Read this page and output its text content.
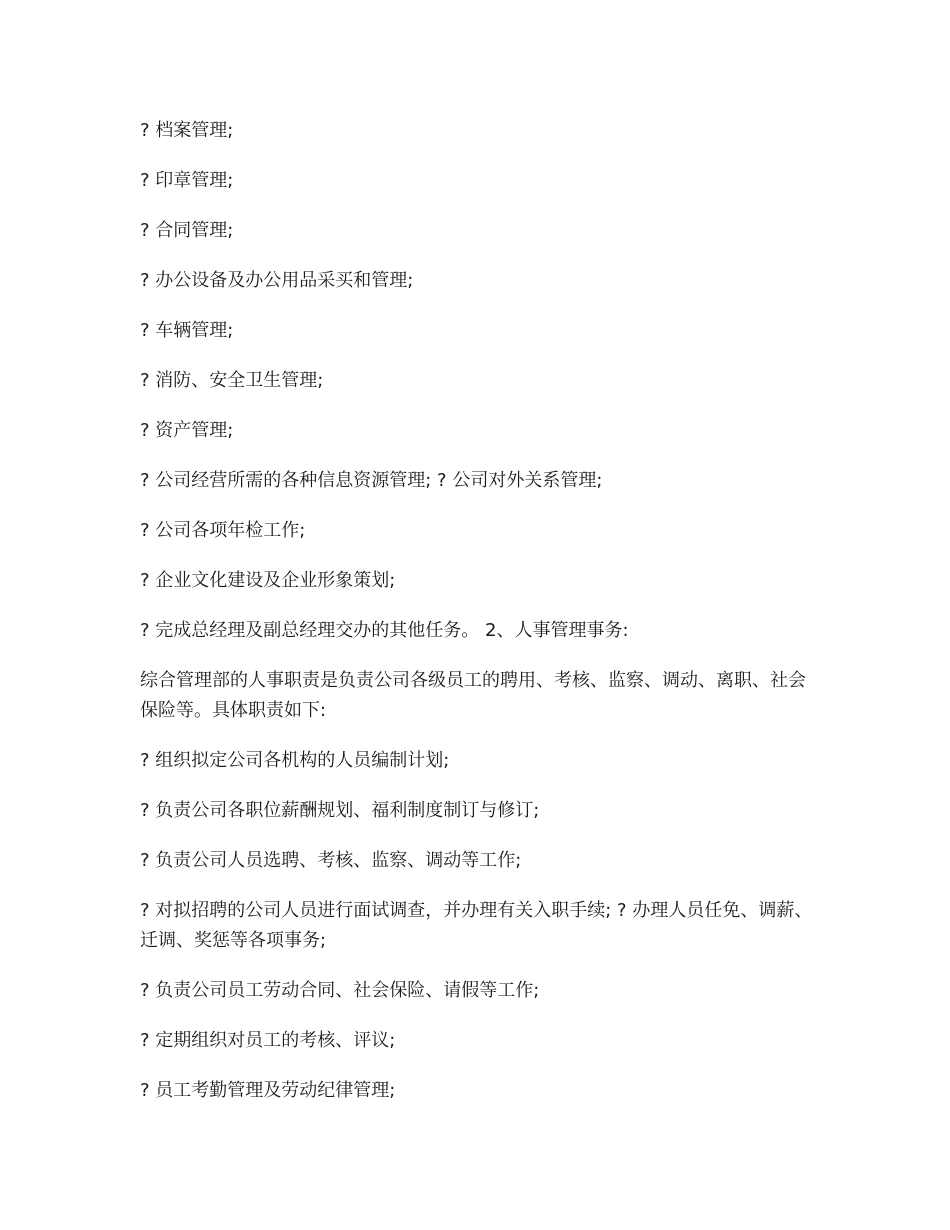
? 档案管理;

? 印章管理;

? 合同管理;

? 办公设备及办公用品采买和管理;

? 车辆管理;

? 消防、安全卫生管理;

? 资产管理;

? 公司经营所需的各种信息资源管理; ? 公司对外关系管理;

? 公司各项年检工作;

? 企业文化建设及企业形象策划;

? 完成总经理及副总经理交办的其他任务。 2、人事管理事务:

综合管理部的人事职责是负责公司各级员工的聘用、考核、监察、调动、离职、社会保险等。具体职责如下:

? 组织拟定公司各机构的人员编制计划;

? 负责公司各职位薪酬规划、福利制度制订与修订;

? 负责公司人员选聘、考核、监察、调动等工作;

? 对拟招聘的公司人员进行面试调查，并办理有关入职手续; ? 办理人员任免、调薪、迁调、奖惩等各项事务;

? 负责公司员工劳动合同、社会保险、请假等工作;

? 定期组织对员工的考核、评议;

? 员工考勤管理及劳动纪律管理;
